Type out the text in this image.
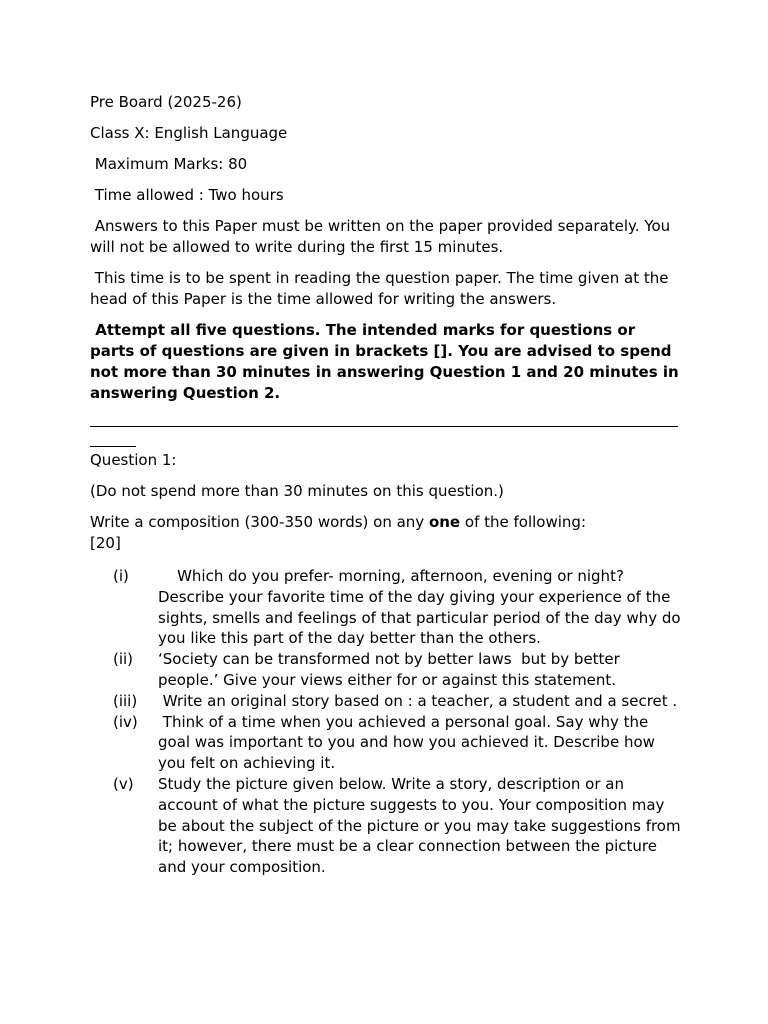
Pre Board (2025-26)

Class X: English Language

Maximum Marks: 80

Time allowed : Two hours

Answers to this Paper must be written on the paper provided separately. You will not be allowed to write during the first 15 minutes.

This time is to be spent in reading the question paper. The time given at the head of this Paper is the time allowed for writing the answers.

Attempt all five questions. The intended marks for questions or parts of questions are given in brackets []. You are advised to spend not more than 30 minutes in answering Question 1 and 20 minutes in answering Question 2.

Question 1:

(Do not spend more than 30 minutes on this question.)

Write a composition (300-350 words) on any one of the following:

[20]

(i)	Which do you prefer- morning, afternoon, evening or night? Describe your favorite time of the day giving your experience of the sights, smells and feelings of that particular period of the day why do you like this part of the day better than the others.
(ii)	‘Society can be transformed not by better laws  but by better people.’ Give your views either for or against this statement.
(iii)	Write an original story based on : a teacher, a student and a secret .
(iv)	Think of a time when you achieved a personal goal. Say why the goal was important to you and how you achieved it. Describe how you felt on achieving it.
(v)	Study the picture given below. Write a story, description or an account of what the picture suggests to you. Your composition may be about the subject of the picture or you may take suggestions from it; however, there must be a clear connection between the picture and your composition.
